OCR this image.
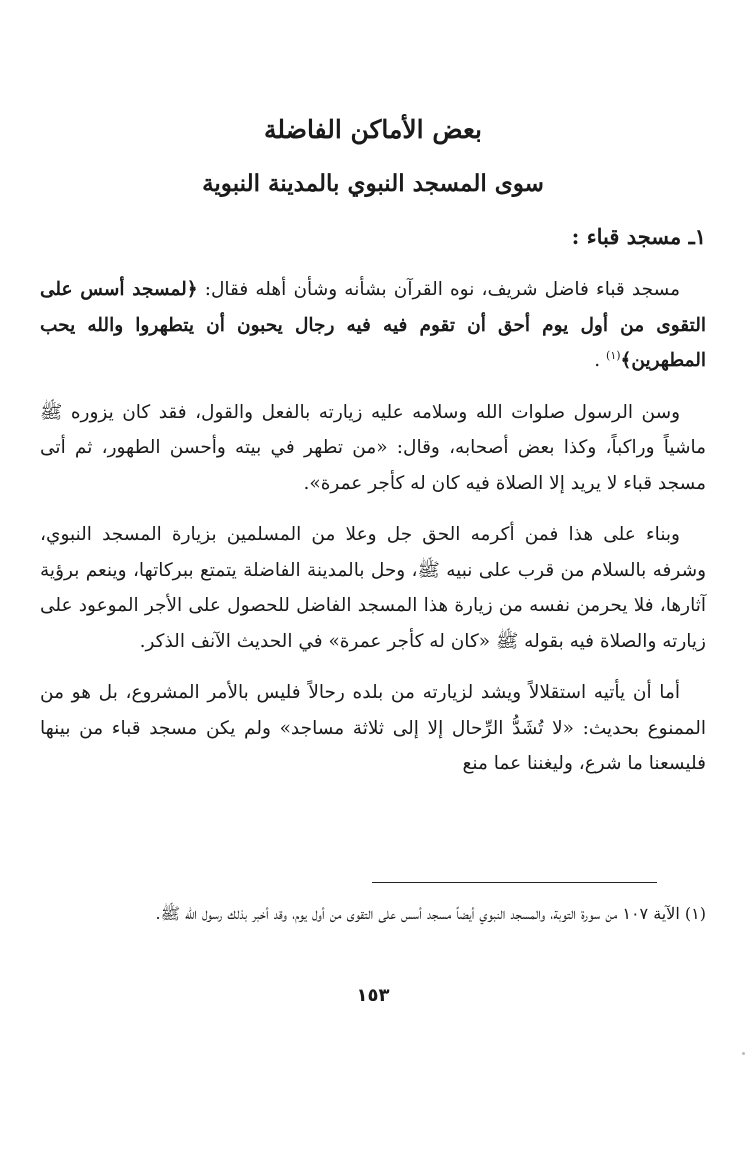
بعض الأماكن الفاضلة
سوى المسجد النبوي بالمدينة النبوية
١ـ مسجد قباء :

مسجد قباء فاضل شريف، نوه القرآن بشأنه وشأن أهله فقال: ﴿لمسجد أسس على التقوى من أول يوم أحق أن تقوم فيه فيه رجال يحبون أن يتطهروا والله يحب المطهرين﴾$^{(١)}$ .

وسن الرسول صلوات الله وسلامه عليه زيارته بالفعل والقول، فقد كان يزوره ﷺ ماشياً وراكباً، وكذا بعض أصحابه، وقال: «من تطهر في بيته وأحسن الطهور، ثم أتى مسجد قباء لا يريد إلا الصلاة فيه كان له كأجر عمرة».

وبناء على هذا فمن أكرمه الحق جل وعلا من المسلمين بزيارة المسجد النبوي، وشرفه بالسلام من قرب على نبيه ﷺ، وحل بالمدينة الفاضلة يتمتع ببركاتها، وينعم برؤية آثارها، فلا يحرمن نفسه من زيارة هذا المسجد الفاضل للحصول على الأجر الموعود على زيارته والصلاة فيه بقوله ﷺ «كان له كأجر عمرة» في الحديث الآنف الذكر.

أما أن يأتيه استقلالاً ويشد لزيارته من بلده رحالاً فليس بالأمر المشروع، بل هو من الممنوع بحديث: «لا تُشَدُّ الرِّحال إلا إلى ثلاثة مساجد» ولم يكن مسجد قباء من بينها فليسعنا ما شرع، وليغننا عما منع

(١) الآية ١٠٧ من سورة التوبة، والمسجد النبوي أيضاً مسجد أسس على التقوى من أول يوم، وقد أخبر بذلك رسول الله ﷺ.
١٥٣
